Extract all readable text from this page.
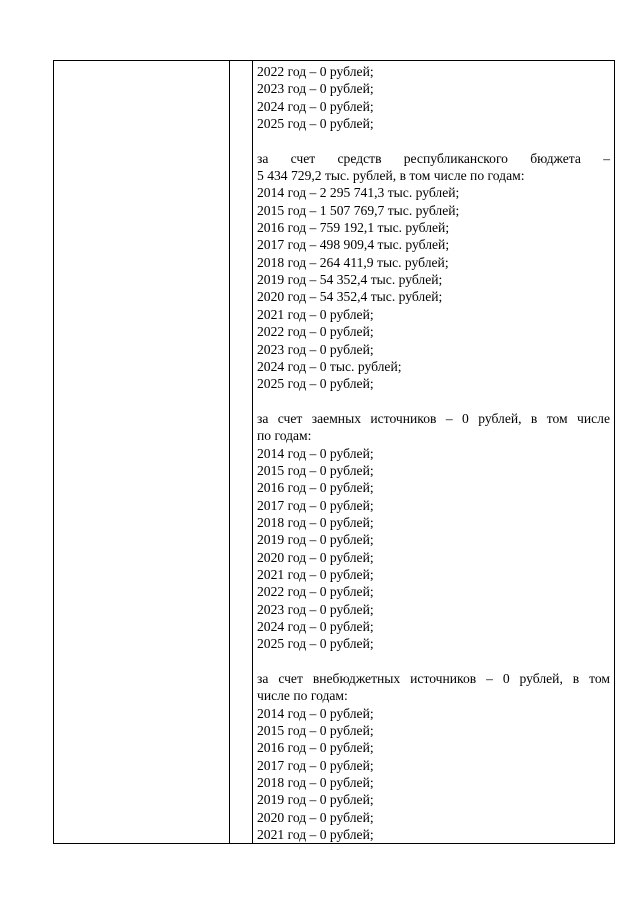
2022 год – 0 рублей;
2023 год – 0 рублей;
2024 год – 0 рублей;
2025 год – 0 рублей;
за счет средств республиканского бюджета –
5 434 729,2 тыс. рублей, в том числе по годам:
2014 год – 2 295 741,3 тыс. рублей;
2015 год – 1 507 769,7 тыс. рублей;
2016 год – 759 192,1 тыс. рублей;
2017 год – 498 909,4 тыс. рублей;
2018 год – 264 411,9 тыс. рублей;
2019 год – 54 352,4 тыс. рублей;
2020 год – 54 352,4 тыс. рублей;
2021 год – 0 рублей;
2022 год – 0 рублей;
2023 год – 0 рублей;
2024 год – 0 тыс. рублей;
2025 год – 0 рублей;
за счет заемных источников – 0 рублей, в том числе
по годам:
2014 год – 0 рублей;
2015 год – 0 рублей;
2016 год – 0 рублей;
2017 год – 0 рублей;
2018 год – 0 рублей;
2019 год – 0 рублей;
2020 год – 0 рублей;
2021 год – 0 рублей;
2022 год – 0 рублей;
2023 год – 0 рублей;
2024 год – 0 рублей;
2025 год – 0 рублей;
за счет внебюджетных источников – 0 рублей, в том
числе по годам:
2014 год – 0 рублей;
2015 год – 0 рублей;
2016 год – 0 рублей;
2017 год – 0 рублей;
2018 год – 0 рублей;
2019 год – 0 рублей;
2020 год – 0 рублей;
2021 год – 0 рублей;
